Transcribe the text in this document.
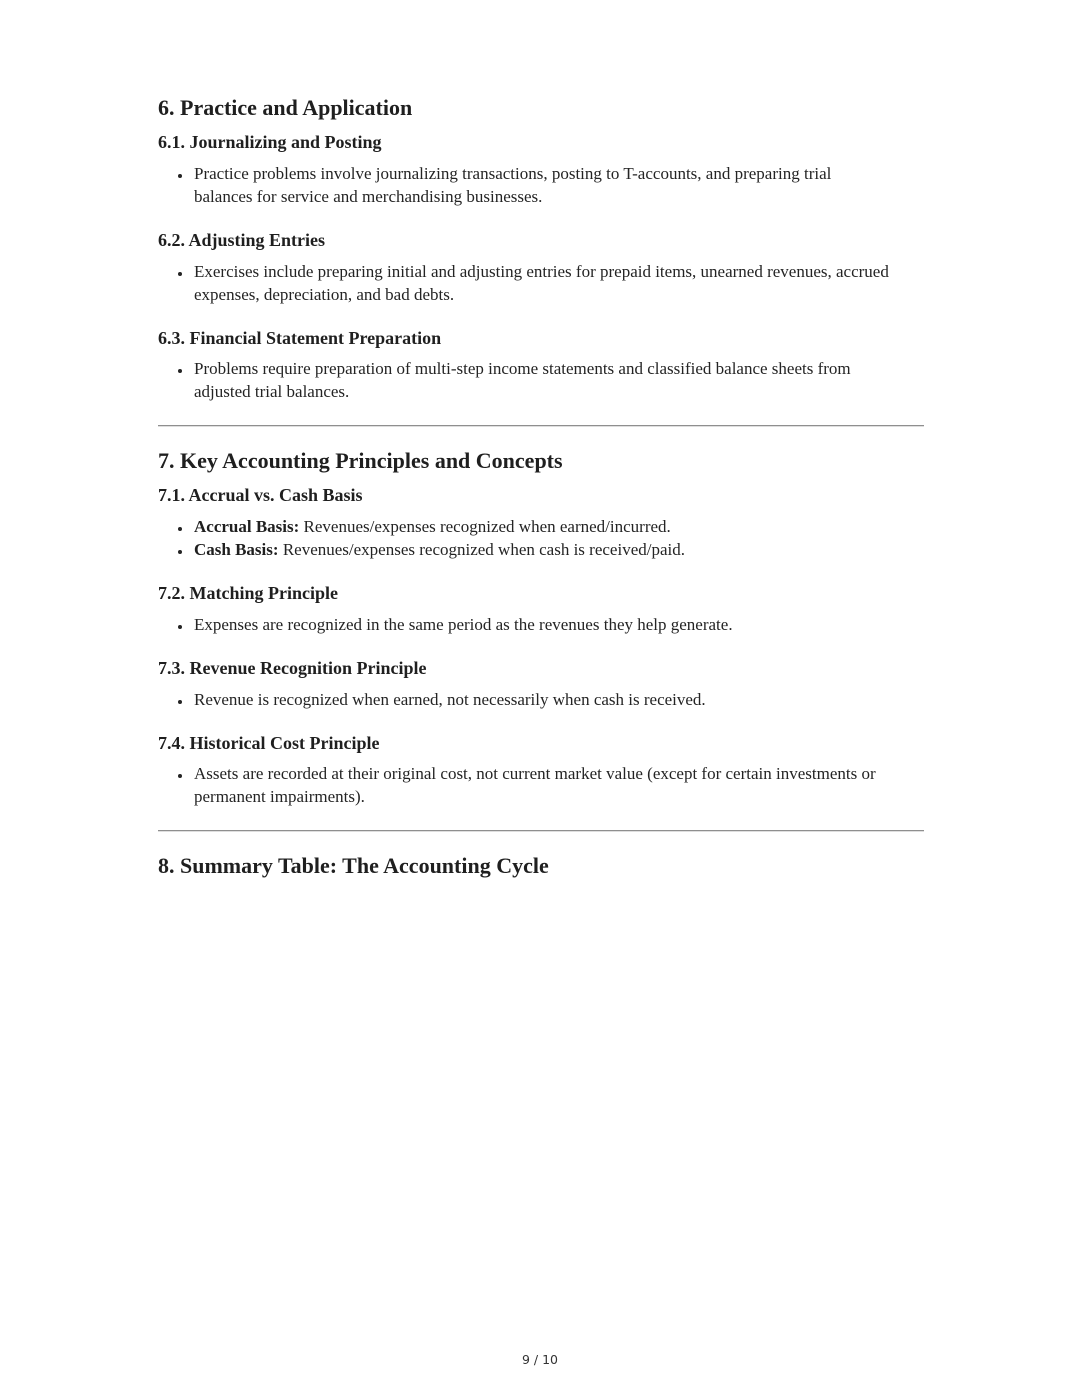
6. Practice and Application
6.1. Journalizing and Posting
• Practice problems involve journalizing transactions, posting to T-accounts, and preparing trial balances for service and merchandising businesses.
6.2. Adjusting Entries
• Exercises include preparing initial and adjusting entries for prepaid items, unearned revenues, accrued expenses, depreciation, and bad debts.
6.3. Financial Statement Preparation
• Problems require preparation of multi-step income statements and classified balance sheets from adjusted trial balances.
7. Key Accounting Principles and Concepts
7.1. Accrual vs. Cash Basis
• Accrual Basis: Revenues/expenses recognized when earned/incurred.
• Cash Basis: Revenues/expenses recognized when cash is received/paid.
7.2. Matching Principle
• Expenses are recognized in the same period as the revenues they help generate.
7.3. Revenue Recognition Principle
• Revenue is recognized when earned, not necessarily when cash is received.
7.4. Historical Cost Principle
• Assets are recorded at their original cost, not current market value (except for certain investments or permanent impairments).
8. Summary Table: The Accounting Cycle
9 / 10
